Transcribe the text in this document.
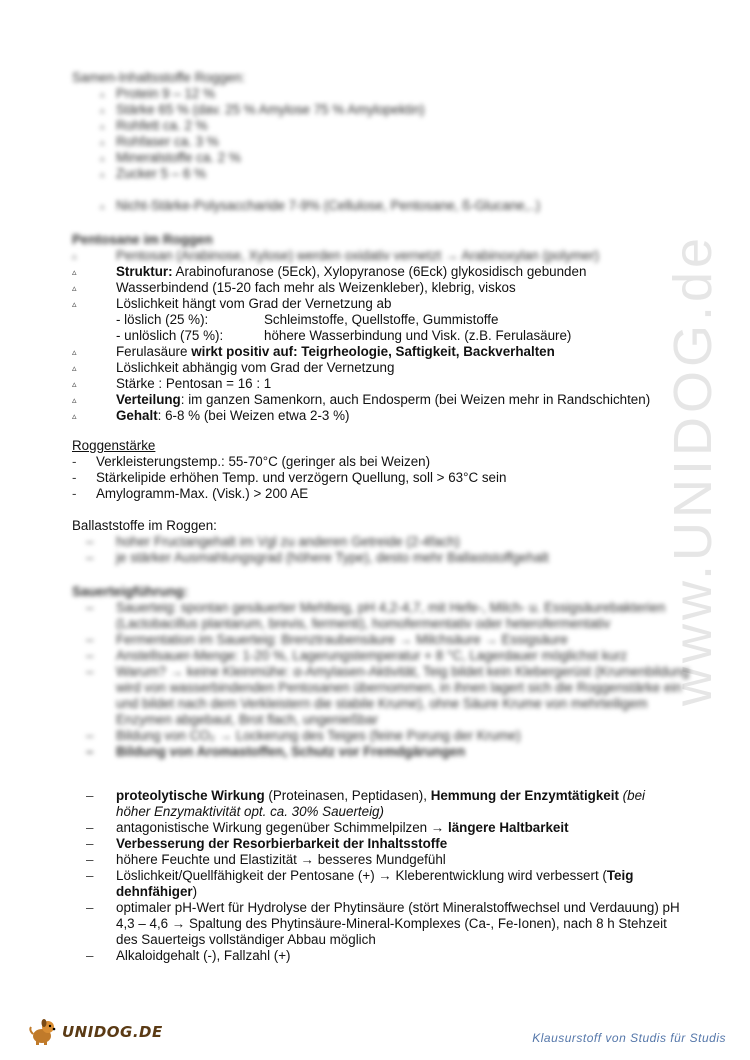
www.UNIDOG.de
Samen-Inhaltsstoffe Roggen:
▵ Protein 9 – 12 %
▵ Stärke 65 % (dav. 25 % Amylose 75 % Amylopektin)
▵ Rohfett ca. 2 %
▵ Rohfaser ca. 3 %
▵ Mineralstoffe ca. 2 %
▵ Zucker 5 – 6 %
▵ Nicht-Stärke-Polysaccharide 7-9% (Cellulose, Pentosane, ß-Glucane,..)
Pentosane im Roggen
▵	Pentosan (Arabinose, Xylose) werden oxidativ vernetzt → Arabinoxylan (polymer)
▵	Struktur: Arabinofuranose (5Eck), Xylopyranose (6Eck) glykosidisch gebunden
▵	Wasserbindend (15-20 fach mehr als Weizenkleber), klebrig, viskos
▵	Löslichkeit hängt vom Grad der Vernetzung ab
- löslich (25 %):	Schleimstoffe, Quellstoffe, Gummistoffe
- unlöslich (75 %):	höhere Wasserbindung und Visk. (z.B. Ferulasäure)
▵	Ferulasäure wirkt positiv auf: Teigrheologie, Saftigkeit, Backverhalten
▵	Löslichkeit abhängig vom Grad der Vernetzung
▵	Stärke : Pentosan = 16 : 1
▵	Verteilung: im ganzen Samenkorn, auch Endosperm (bei Weizen mehr in Randschichten)
▵	Gehalt: 6-8 % (bei Weizen etwa 2-3 %)
Roggenstärke
-	Verkleisterungstemp.: 55-70°C (geringer als bei Weizen)
-	Stärkelipide erhöhen Temp. und verzögern Quellung, soll > 63°C sein
-	Amylogramm-Max. (Visk.) > 200 AE
Ballaststoffe im Roggen:
–	hoher Fructangehalt im Vgl zu anderen Getreide (2-4fach)
–	je stärker Ausmahlungsgrad (höhere Type), desto mehr Ballaststoffgehalt
Sauerteigführung:
–	Sauerteig: spontan gesäuerter Mehlteig, pH 4,2-4,7, mit Hefe-, Milch- u. Essigsäurebakterien (Lactobacillus plantarum, brevis, fermenti), homofermentativ oder heterofermentativ
–	Fermentation im Sauerteig: Brenztraubensäure → Milchsäure → Essigsäure
–	Anstellsauer-Menge: 1-20 %, Lagerungstemperatur + 8 °C, Lagerdauer möglichst kurz
–	Warum? → keine Kleinmühe: α-Amylasen-Aktivität, Teig bildet kein Klebergerüst (Krumenbildung wird von wasserbindenden Pentosanen übernommen, in ihnen lagert sich die Roggenstärke ein und bildet nach dem Verkleistern die stabile Krume), ohne Säure Krume von mehrteiligem Enzymen abgebaut, Brot flach, ungenießbar
–	Bildung von CO₂ → Lockerung des Teiges (feine Porung der Krume)
–	Bildung von Aromastoffen, Schutz vor Fremdgärungen
–	proteolytische Wirkung (Proteinasen, Peptidasen), Hemmung der Enzymtätigkeit (bei höher Enzymaktivität opt. ca. 30% Sauerteig)
–	antagonistische Wirkung gegenüber Schimmelpilzen → längere Haltbarkeit
–	Verbesserung der Resorbierbarkeit der Inhaltsstoffe
–	höhere Feuchte und Elastizität → besseres Mundgefühl
–	Löslichkeit/Quellfähigkeit der Pentosane (+) → Kleberentwicklung wird verbessert (Teig dehnfähiger)
–	optimaler pH-Wert für Hydrolyse der Phytinsäure (stört Mineralstoffwechsel und Verdauung) pH 4,3 – 4,6 → Spaltung des Phytinsäure-Mineral-Komplexes (Ca-, Fe-Ionen), nach 8 h Stehzeit des Sauerteigs vollständiger Abbau möglich
–	Alkaloidgehalt (-), Fallzahl (+)
UNIDOG.DE	Klausurstoff von Studis für Studis
